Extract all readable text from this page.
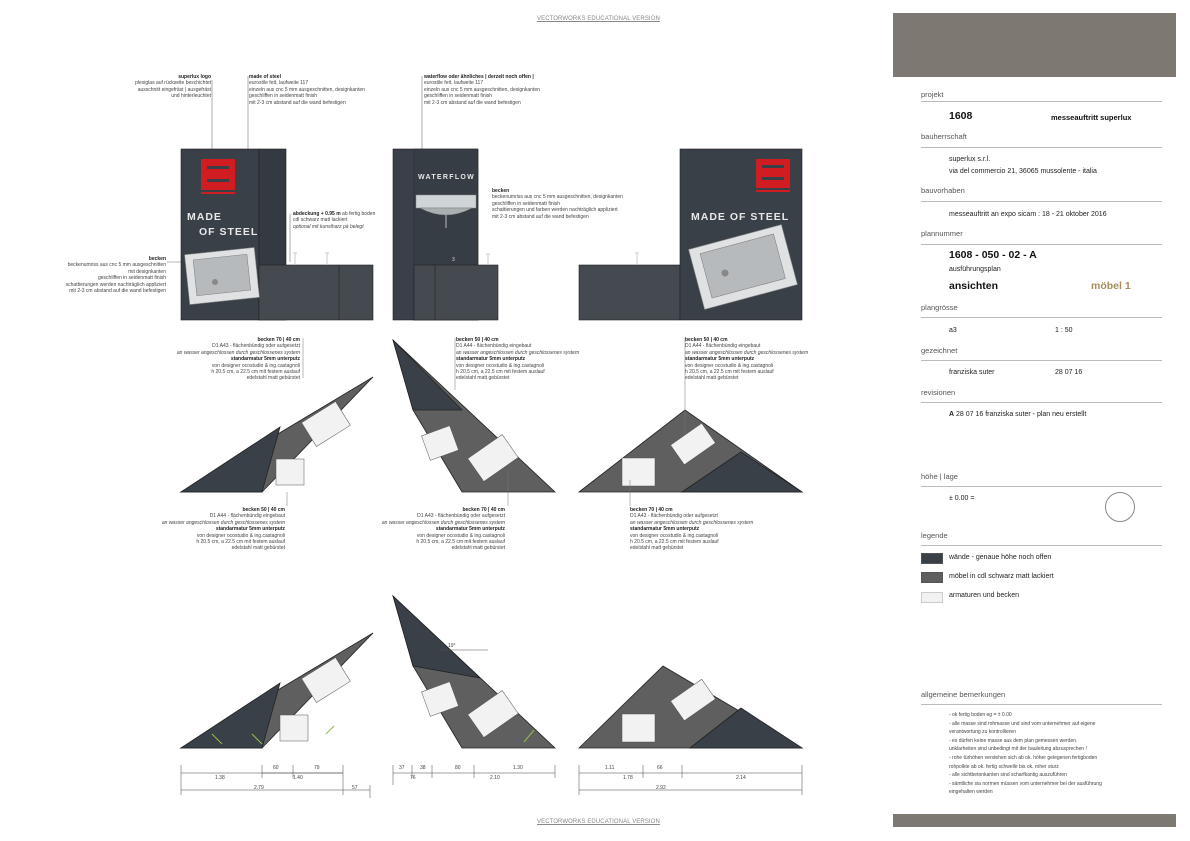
VECTORWORKS EDUCATIONAL VERSION
VECTORWORKS EDUCATIONAL VERSION
superlux logo
plexiglas auf rückseite beschichtet
ausschnitt eingefräst | ausgefräst
und hinterleuchtet
made of steel
eurostile fett, laufweite 117
einzeln aus cnc 5 mm ausgeschnitten, designkanten
geschliffen in seidenmatt finish
mit 2-3 cm abstand auf die wand befestigen
waterflow oder ähnliches | derzeit noch offen |
eurostile fett, laufweite 117
einzeln aus cnc 5 mm ausgeschnitten, designkanten
geschliffen in seidenmatt finish
mit 2-3 cm abstand auf die wand befestigen
becken
beckenumriss aus cnc 5 mm ausgeschnitten
mit designkanten
geschliffen in seidenmatt finish
schattierungen werden nachträglich appliziert
mit 2-3 cm abstand auf die wand befestigen
abdeckung + 0.95 m ab fertig boden
cdl schwarz matt lackiert
optional mit kunstharz pä belegt
becken
beckenumriss aus cnc 5 mm ausgeschnitten, designkanten
geschliffen in seidenmatt finish
schattierungen und farben werden nachträglich appliziert
mit 2-3 cm abstand auf die wand befestigen
MADE
OF STEEL
WATERFLOW
MADE OF STEEL
3
becken 70 | 40 cm
D1 A43 - flächenbündig oder aufgesetzt
an wasser angeschlossen durch geschlossenes system
standarmatur 5mm unterputz
von designer ocostudio & ing.castagnoli
h 20.5 cm, a 22.5 cm mit festem auslauf
edelstahl matt gebürstet
becken 50 | 40 cm
D1 A44 - flächenbündig eingebaut
an wasser angeschlossen durch geschlossenes system
standarmatur 5mm unterputz
von designer ocostudio & ing.castagnoli
h 20.5 cm, a 22.5 cm mit festem auslauf
edelstahl matt gebürstet
becken 50 | 40 cm
D1 A44 - flächenbündig eingebaut
an wasser angeschlossen durch geschlossenes system
standarmatur 5mm unterputz
von designer ocostudio & ing.castagnoli
h 20.5 cm, a 22.5 cm mit festem auslauf
edelstahl matt gebürstet
becken 50 | 40 cm
D1 A44 - flächenbündig eingebaut
an wasser angeschlossen durch geschlossenes system
standarmatur 5mm unterputz
von designer ocostudio & ing.castagnoli
h 20.5 cm, a 22.5 cm mit festem auslauf
edelstahl matt gebürstet
becken 70 | 40 cm
D1 A43 - flächenbündig oder aufgesetzt
an wasser angeschlossen durch geschlossenes system
standarmatur 5mm unterputz
von designer ocostudio & ing.castagnoli
h 20.5 cm, a 22.5 cm mit festem auslauf
edelstahl matt gebürstet
becken 70 | 40 cm
D1 A43 - flächenbündig oder aufgesetzt
an wasser angeschlossen durch geschlossenes system
standarmatur 5mm unterputz
von designer ocostudio & ing.castagnoli
h 20.5 cm, a 22.5 cm mit festem auslauf
edelstahl matt gebürstet
60	79
1.38	1.40
2.79	57
37	38	80	1.30
76	2.10
1.11	66
1.78	2.14
2.92
19°
projekt
1608	messeauftritt superlux
bauherrschaft
superlux s.r.l.
via del commercio 21, 36065 mussolente - italia
bauvorhaben
messeauftritt an expo sicam : 18 - 21 oktober 2016
plannummer
1608 - 050 - 02 - A
ausführungsplan
ansichten	möbel 1
plangrösse
a3	1 : 50
gezeichnet
franziska suter	28 07 16
revisionen
A 28 07 16 franziska suter - plan neu erstellt
höhe | lage
± 0.00 =
legende
wände - genaue höhe noch offen
möbel in cdl schwarz matt lackiert
armaturen und becken
allgemeine bemerkungen
- ok fertig boden eg = ± 0.00
- alle masse sind rohmasse und sind vom unternehmer auf eigene
verantwortung zu kontrollieren
- es dürfen keine masse aus dem plan gemessen werden.
unklarheiten sind unbedingt mit der bauleitung abzusprechen !
- rohe türhöhen verstehen sich ab ok. höher gelegenen fertigboden
rohpolkte ab ok. fertig schwelle bis ok. roher sturz
- alle sichtbetonkanten sind scharfkantig auszuführen
- sämtliche sia normen müssen vom unternehmer bei der ausführung
eingehalten werden
